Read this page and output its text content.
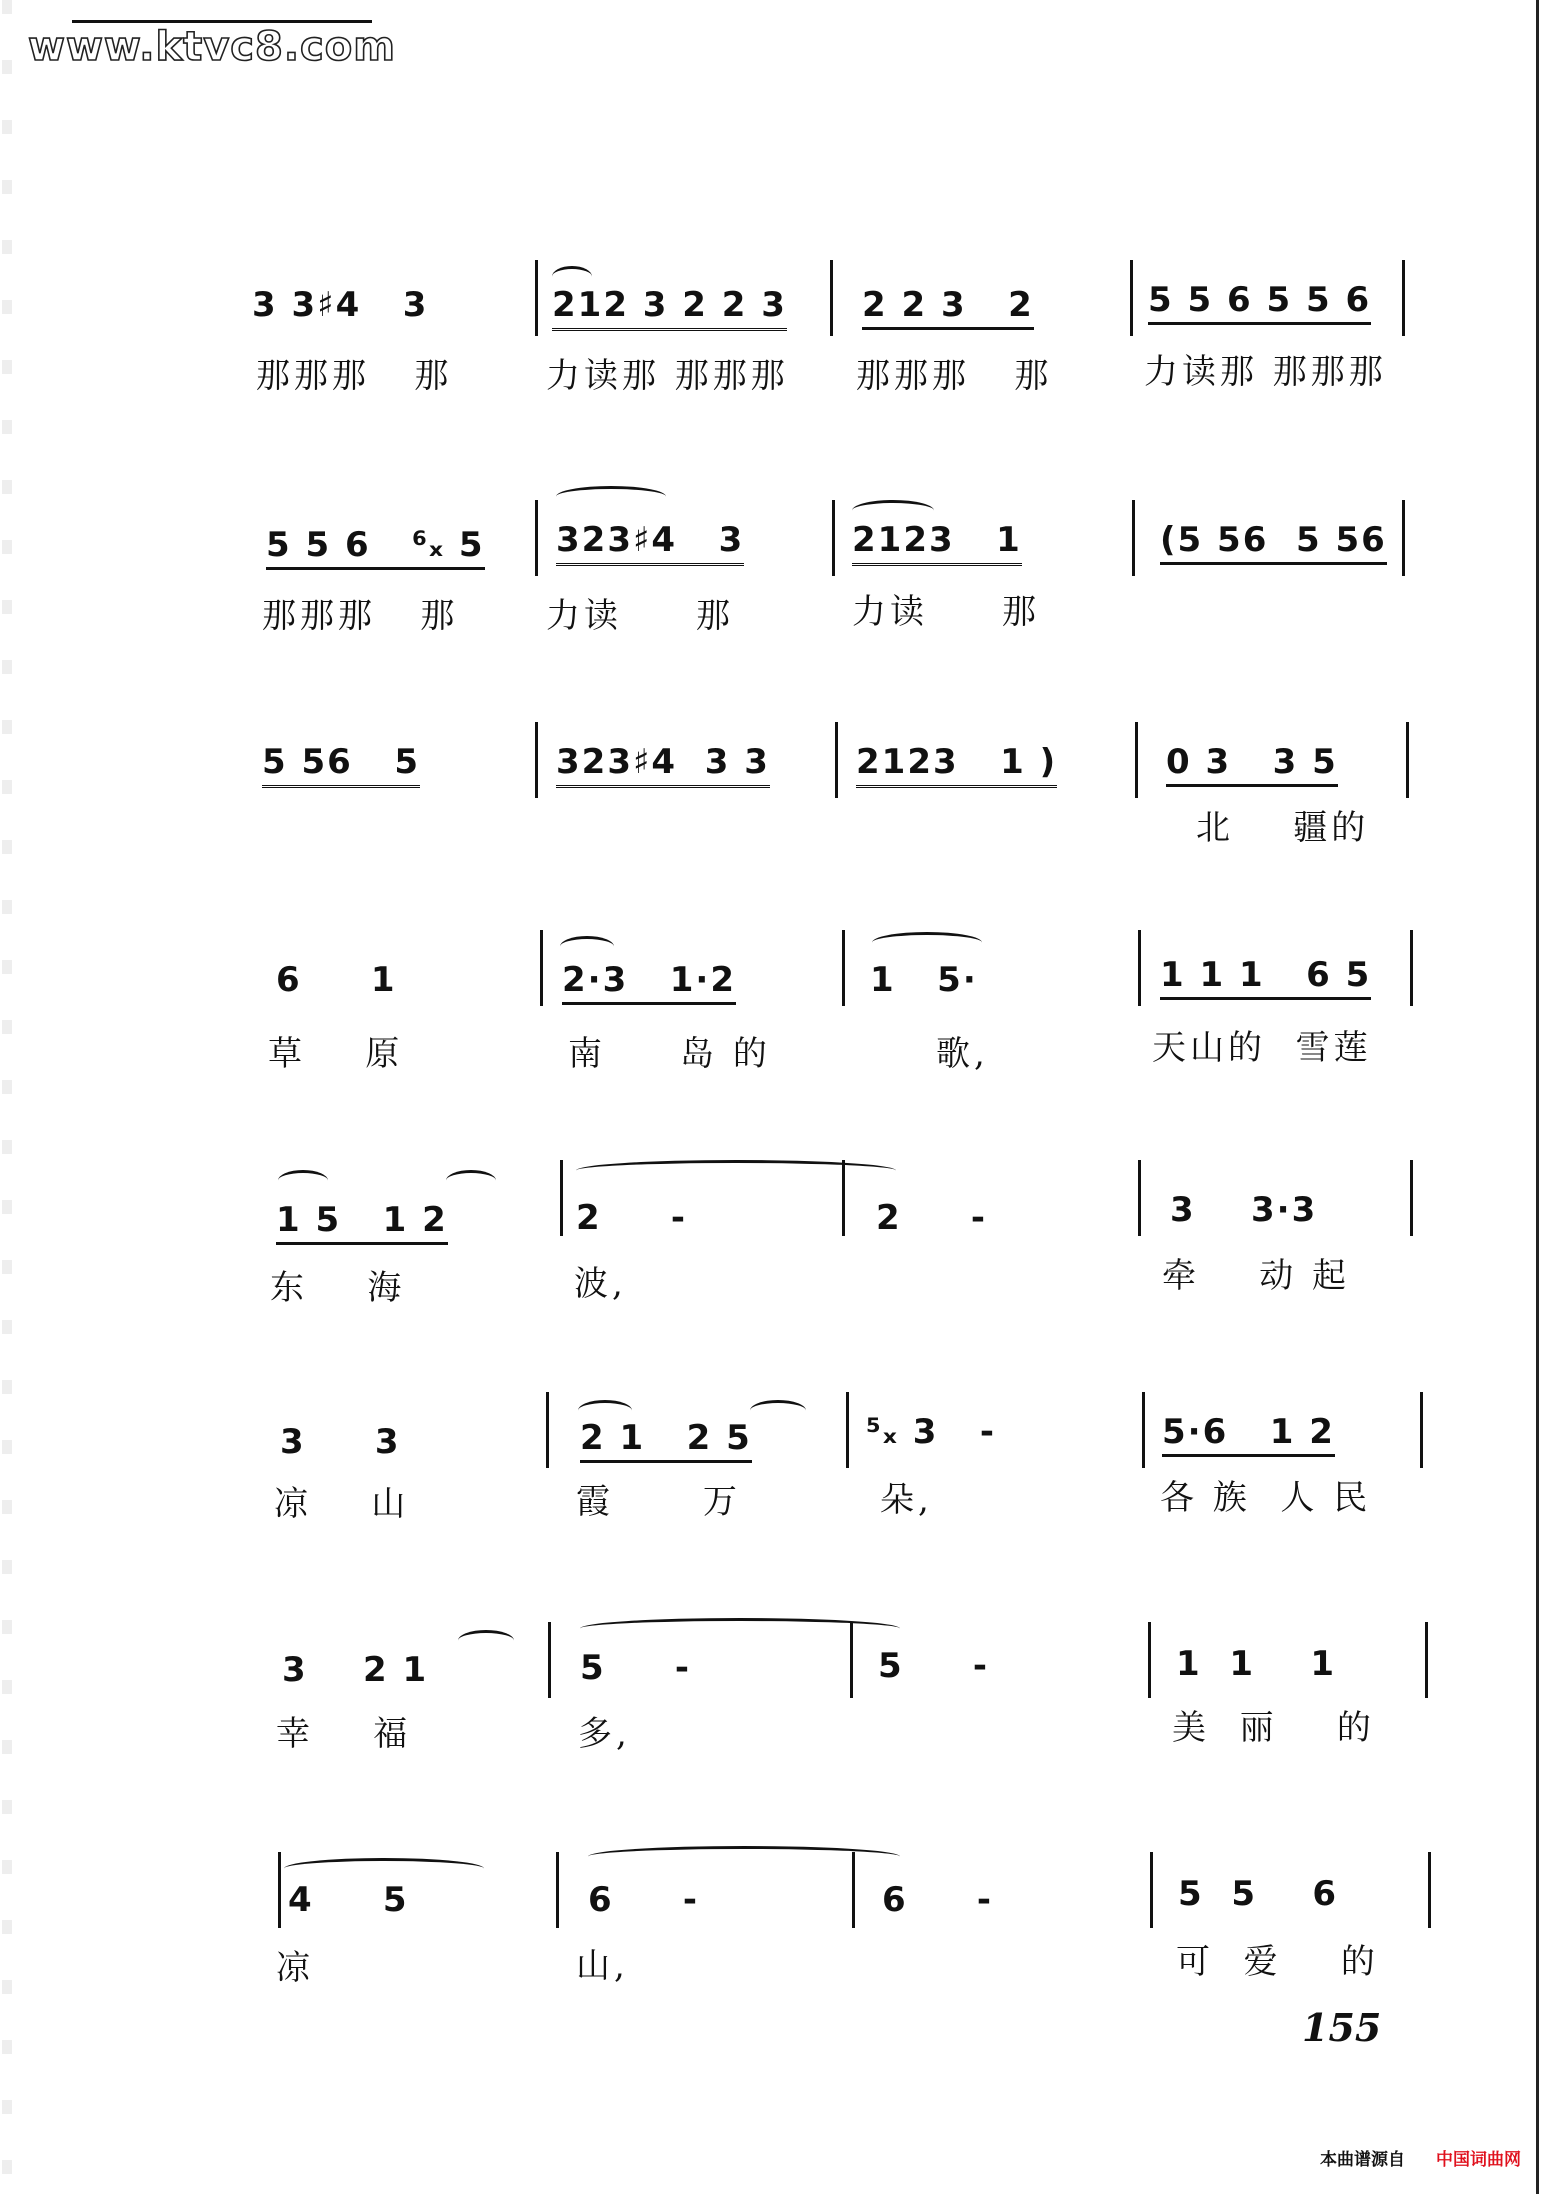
www.ktvc8.com
3 3♯4   3	212 3 2 2 3 2 2 3   2	5 5 6 5 5 6
那那那   那	力读那 那那那 那那那   那	力读那 那那那
5 5 6   ⁶ₓ 5 323♯4   3	2123   1	(5 56  5 56
那那那   那	力读     那	力读     那
5 56   5	323♯4  3 3	2123   1 )	0 3   3 5
北    疆的
6     1	2·3   1·2	1   5·	1 1 1   6 5
草    原	南     岛 的	歌,	天山的  雪莲
1 5   1 2	2     -	2     -	3    3·3
东    海	波,	牵    动 起
3     3	2 1   2 5	⁵ₓ 3   -	5·6   1 2
凉    山	霞      万	朵,	各 族  人 民
3    2 1	5     -	5     -	1  1    1
幸    福	多,	美  丽    的
4     5	6     -	6     -	5  5    6
凉	山,	可  爱    的
155
本曲谱源自 中国词曲网
